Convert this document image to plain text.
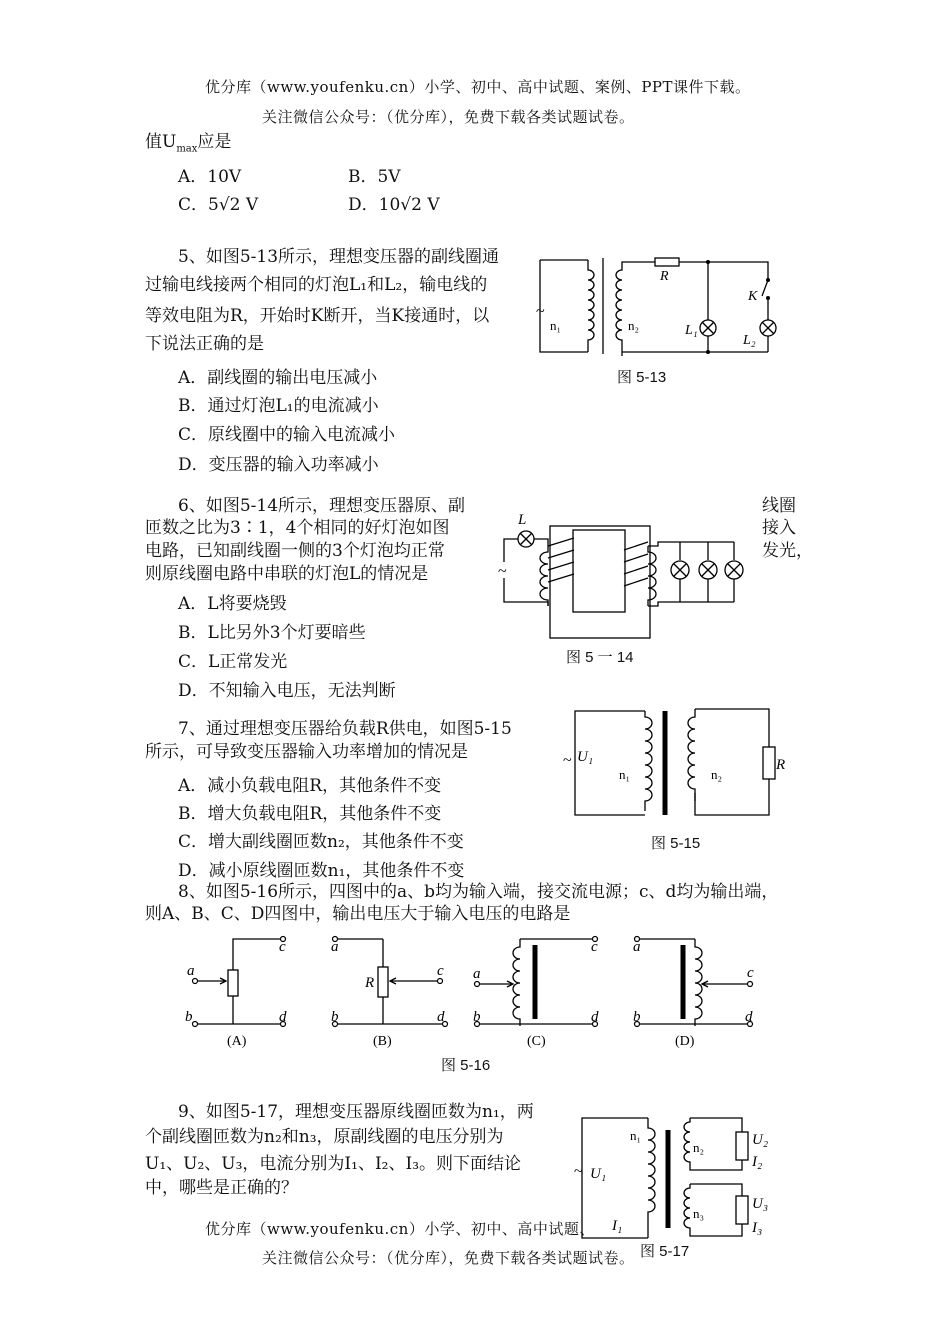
优分库（www.youfenku.cn）小学、初中、高中试题、案例、PPT课件下载。
关注微信公众号：（优分库），免费下载各类试题试卷。
值$U_{max}$应是
A．10V	B．5V
C．5√2 V	D．10√2 V
5、如图5-13所示，理想变压器的副线圈通
过输电线接两个相同的灯泡L₁和L₂，输电线的
等效电阻为R，开始时K断开，当K接通时，以
下说法正确的是
A．副线圈的输出电压减小
B．通过灯泡L₁的电流减小
C．原线圈中的输入电流减小
D．变压器的输入功率减小
~
n₁	n₂
R
K
L₁
L₂
图 5-13
6、如图5-14所示，理想变压器原、副
匝数之比为3∶1，4个相同的好灯泡如图
电路，已知副线圈一侧的3个灯泡均正常
则原线圈电路中串联的灯泡L的情况是
线圈
接入
发光，
A．L将要烧毁
B．L比另外3个灯要暗些
C．L正常发光
D．不知输入电压，无法判断
L
~
图 5 一 14
7、通过理想变压器给负载R供电，如图5-15
所示，可导致变压器输入功率增加的情况是
A．减小负载电阻R，其他条件不变
B．增大负载电阻R，其他条件不变
C．增大副线圈匝数n₂，其他条件不变
D．减小原线圈匝数n₁，其他条件不变
~ U₁
n₁	n₂
R
图 5-15
8、如图5-16所示，四图中的a、b均为输入端，接交流电源；c、d均为输出端，
则A、B、C、D四图中，输出电压大于输入电压的电路是
a
c
b	d
a
c
b	d
R
a
c
b	d
a
c
b	d
(A)	(B)	(C)	(D)
图 5-16
9、如图5-17，理想变压器原线圈匝数为n₁，两
个副线圈匝数为n₂和n₃，原副线圈的电压分别为
U₁、U₂、U₃，电流分别为I₁、I₂、I₃。则下面结论
中，哪些是正确的？
~ U₁
I₁
n₁
n₂
n₃
U₂
I₂
U₃
I₃
图 5-17
优分库（www.youfenku.cn）小学、初中、高中试题、
关注微信公众号：（优分库），免费下载各类试题试卷。
